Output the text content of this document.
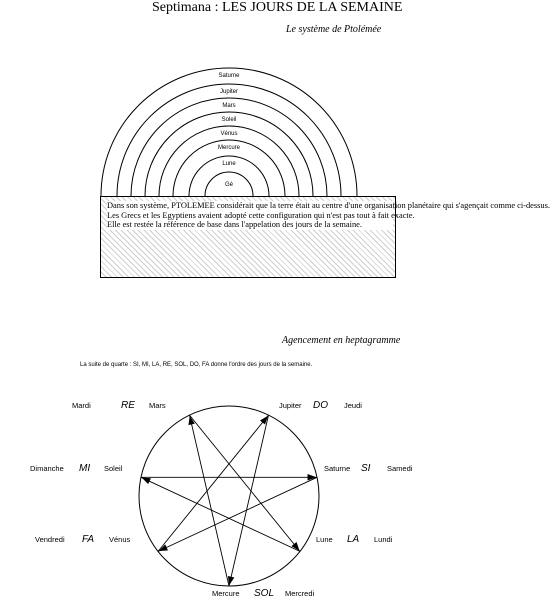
Septimana : LES JOURS DE LA SEMAINE
Le système de Ptolémée
Saturne
Jupiter
Mars
Soleil
Vénus
Mercure
Lune
Gé

Dans son système, PTOLEMEE considérait que la terre était au centre d'une organisation planétaire qui s'agençait comme ci-dessus.

Les Grecs et les Egyptiens avaient adopté cette configuration qui n'est pas tout à fait exacte.

Elle est restée la référence de base dans l'appelation des jours de la semaine.

Agencement en heptagramme
La suite de quarte : SI, MI, LA, RE, SOL, DO, FA donne l'ordre des jours de la semaine.
Mardi	RE Mars	Jeudi
DO
Jupiter
Samedi
SI
Saturne
Lundi
LA
Lune
Mercredi
SOL
Mercure
Vendredi FA Vénus
Dimanche MI Soleil
